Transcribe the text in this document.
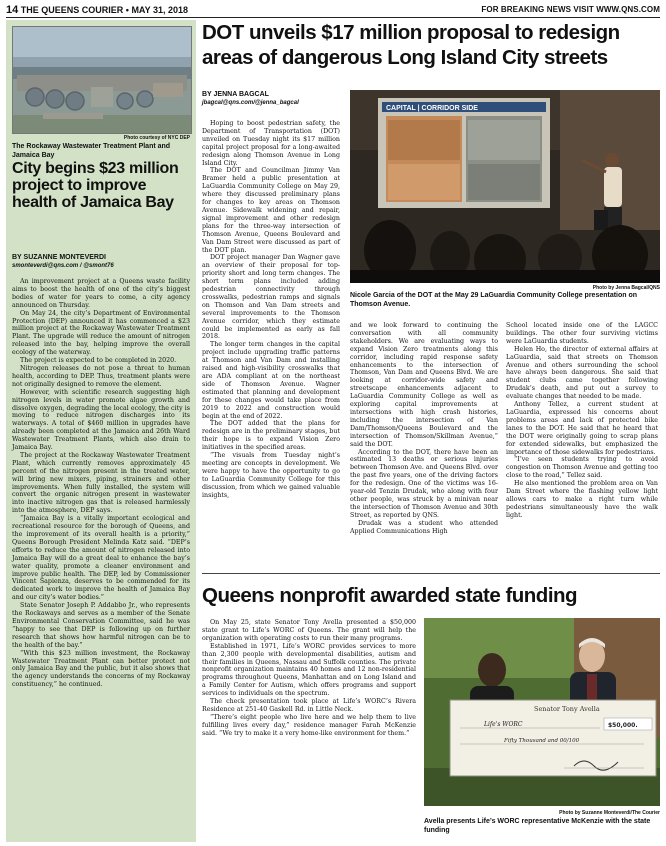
14 THE QUEENS COURIER • MAY 31, 2018	FOR BREAKING NEWS VISIT WWW.QNS.COM
Photo courtesy of NYC DEP
The Rockaway Wastewater Treatment Plant and Jamaica Bay
City begins $23 million project to improve health of Jamaica Bay
BY SUZANNE MONTEVERDI
smonteverdi@qns.com / @smont76

An improvement project at a Queens waste facility aims to boost the health of one of the city’s biggest bodies of water for years to come, a city agency announced on Thursday.

On May 24, the city’s Department of Environmental Protection (DEP) announced it has commenced a $23 million project at the Rockaway Wastewater Treatment Plant. The upgrade will reduce the amount of nitrogen released into the bay, helping improve the overall ecology of the waterway.

The project is expected to be completed in 2020.

Nitrogen releases do not pose a threat to human health, according to DEP. Thus, treatment plants were not originally designed to remove the element.

However, with scientific research suggesting high nitrogen levels in water promote algae growth and dissolve oxygen, degrading the local ecology, the city is moving to reduce nitrogen discharges into its waterways. A total of $460 million in upgrades have already been completed at the Jamaica and 26th Ward Wastewater Treatment Plants, which also drain to Jamaica Bay.

The project at the Rockaway Wastewater Treatment Plant, which currently removes approximately 45 percent of the nitrogen present in the treated water, will bring new mixers, piping, strainers and other improvements. When fully installed, the system will convert the organic nitrogen present in wastewater into inactive nitrogen gas that is released harmlessly into the atmosphere, DEP says.

“Jamaica Bay is a vitally important ecological and recreational resource for the borough of Queens, and the improvement of its overall health is a priority,” Queens Borough President Melinda Katz said. “DEP’s efforts to reduce the amount of nitrogen released into Jamaica Bay will do a great deal to enhance the bay’s water quality, promote a cleaner environment and improve public health. The DEP, led by Commissioner Vincent Sapienza, deserves to be commended for its dedicated work to improve the health of Jamaica Bay and our city’s water bodies.”

State Senator Joseph P. Addabbo Jr., who represents the Rockaways and serves as a member of the Senate Environmental Conservation Committee, said he was “happy to see that DEP is following up on further research that shows how harmful nitrogen can be to the health of the bay.”

“With this $23 million investment, the Rockaway Wastewater Treatment Plant can better protect not only Jamaica Bay and the public, but it also shows that the agency understands the concerns of my Rockaway constituency,” he continued.

DOT unveils $17 million proposal to redesign areas of dangerous Long Island City streets
BY JENNA BAGCAL
jbagcal@qns.com/@jenna_bagcal

Hoping to boost pedestrian safety, the Department of Transportation (DOT) unveiled on Tuesday night its $17 million capital project proposal for a long-awaited redesign along Thomson Avenue in Long Island City.

The DOT and Councilman Jimmy Van Bramer held a public presentation at LaGuardia Community College on May 29, where they discussed preliminary plans for changes to key areas on Thomson Avenue. Sidewalk widening and repair, signal improvement and other redesign plans for the three-way intersection of Thomson Avenue, Queens Boulevard and Van Dam Street were discussed as part of the DOT plan.

DOT project manager Dan Wagner gave an overview of their proposal for top-priority short and long term changes. The short term plans included adding pedestrian connectivity through crosswalks, pedestrian ramps and signals on Thomson and Van Dam streets and several improvements to the Thomson Avenue corridor, which they estimate could be implemented as early as fall 2018.

The longer term changes in the capital project include upgrading traffic patterns at Thomson and Van Dam and installing raised and high-visibility crosswalks that are ADA compliant at on the northeast side of Thomson Avenue. Wagner estimated that planning and development for these changes would take place from 2019 to 2022 and construction would begin at the end of 2022.

The DOT added that the plans for redesign are in the preliminary stages, but their hope is to expand Vision Zero initiatives in the specified areas.

“The visuals from Tuesday night’s meeting are concepts in development. We were happy to have the opportunity to go to LaGuardia Community College for this discussion, from which we gained valuable insights,

CAPITAL | CORRIDOR SIDE
Photo by Jenna Bagcal/QNS
Nicole Garcia of the DOT at the May 29 LaGuardia Community College presentation on Thomson Avenue.

and we look forward to continuing the conversation with all community stakeholders. We are evaluating ways to expand Vision Zero treatments along this corridor, including rapid response safety enhancements to the intersection of Thomson, Van Dam and Queens Blvd. We are looking at corridor-wide safety and streetscape enhancements adjacent to LaGuardia Community College as well as exploring capital improvements at intersections with high crash histories, including the intersection of Van Dam/Thomson/Queens Boulevard and the intersection of Thomson/Skillman Avenue,” said the DOT.

According to the DOT, there have been an estimated 13 deaths or serious injuries between Thomson Ave. and Queens Blvd. over the past five years, one of the driving factors for the redesign. One of the victims was 16-year-old Tenzin Drudak, who along with four other people, was struck by a minivan near the intersection of Thomson Avenue and 30th Street, as reported by QNS.

Drudak was a student who attended Applied Communications High

School located inside one of the LAGCC buildings. The other four surviving victims were LaGuardia students.

Helen Ho, the director of external affairs at LaGuardia, said that streets on Thomson Avenue and others surrounding the school have always been dangerous. She said that student clubs came together following Drudak’s death, and put out a survey to evaluate changes that needed to be made.

Anthony Tellez, a current student at LaGuardia, expressed his concerns about problems areas and lack of protected bike lanes to the DOT. He said that he heard that the DOT were originally going to scrap plans for extended sidewalks, but emphasized the importance of those sidewalks for pedestrians.

“I’ve seen students trying to avoid congestion on Thomson Avenue and getting too close to the road,” Tellez said.

He also mentioned the problem area on Van Dam Street where the flashing yellow light allows cars to make a right turn while pedestrians simultaneously have the walk light.

Queens nonprofit awarded state funding

On May 25, state Senator Tony Avella presented a $50,000 state grant to Life’s WORC of Queens. The grant will help the organization with operating costs to run their many programs.

Established in 1971, Life’s WORC provides services to more than 2,300 people with developmental disabilities, autism and their families in Queens, Nassau and Suffolk counties. The private nonprofit organization maintains 40 homes and 12 non-residential programs throughout Queens, Manhattan and on Long Island and a Family Center for Autism, which offers programs and support services to individuals on the spectrum.

The check presentation took place at Life’s WORC’s Rivera Residence at 251-40 Gaskell Rd. in Little Neck.

“There’s eight people who live here and we help them to live fulfilling lives every day,” residence manager Farah McKenzie said. “We try to make it a very home-like environment for them.”

Senator Tony Avella
Life's WORC	$50,000.
Fifty Thousand and 00/100
Photo by Suzanne Monteverdi/The Courier
Avella presents Life’s WORC representative McKenzie with the state funding
